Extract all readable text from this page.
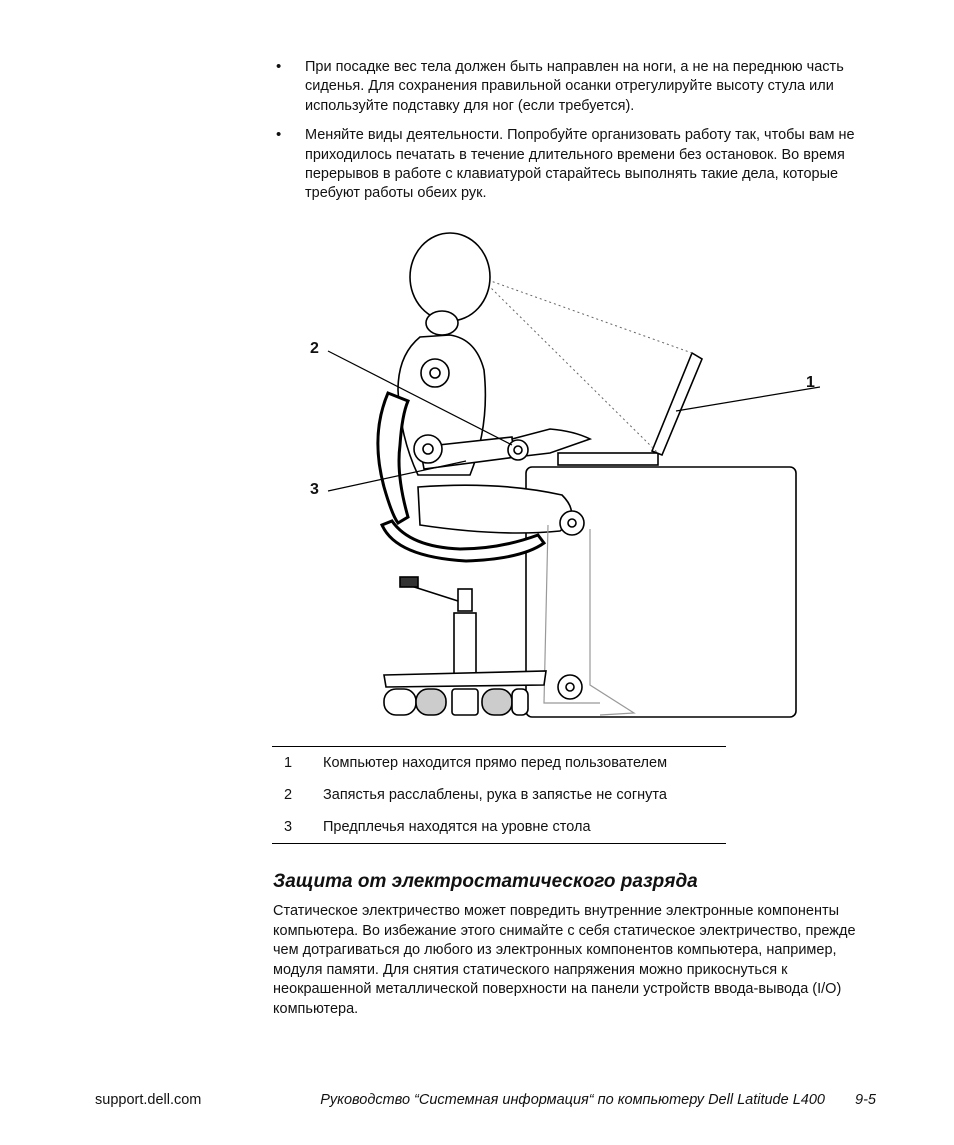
• При посадке вес тела должен быть направлен на ноги, а не на переднюю часть сиденья. Для сохранения правильной осанки отрегулируйте высоту стула или используйте подставку для ног (если требуется).
• Меняйте виды деятельности. Попробуйте организовать работу так, чтобы вам не приходилось печатать в течение длительного времени без остановок. Во время перерывов в работе с клавиатурой старайтесь выполнять такие дела, которые требуют работы обеих рук.
2
3
1
1	Компьютер находится прямо перед пользователем
2	Запястья расслаблены, рука в запястье не согнута
3	Предплечья находятся на уровне стола
Защита от электростатического разряда

Статическое электричество может повредить внутренние электронные компоненты компьютера. Во избежание этого снимайте с себя статическое электричество, прежде чем дотрагиваться до любого из электронных компонентов компьютера, например, модуля памяти. Для снятия статического напряжения можно прикоснуться к неокрашенной металлической поверхности на панели устройств ввода-вывода (I/O) компьютера.

support.dell.com	Руководство “Системная информация“ по компьютеру Dell Latitude L400 9-5
